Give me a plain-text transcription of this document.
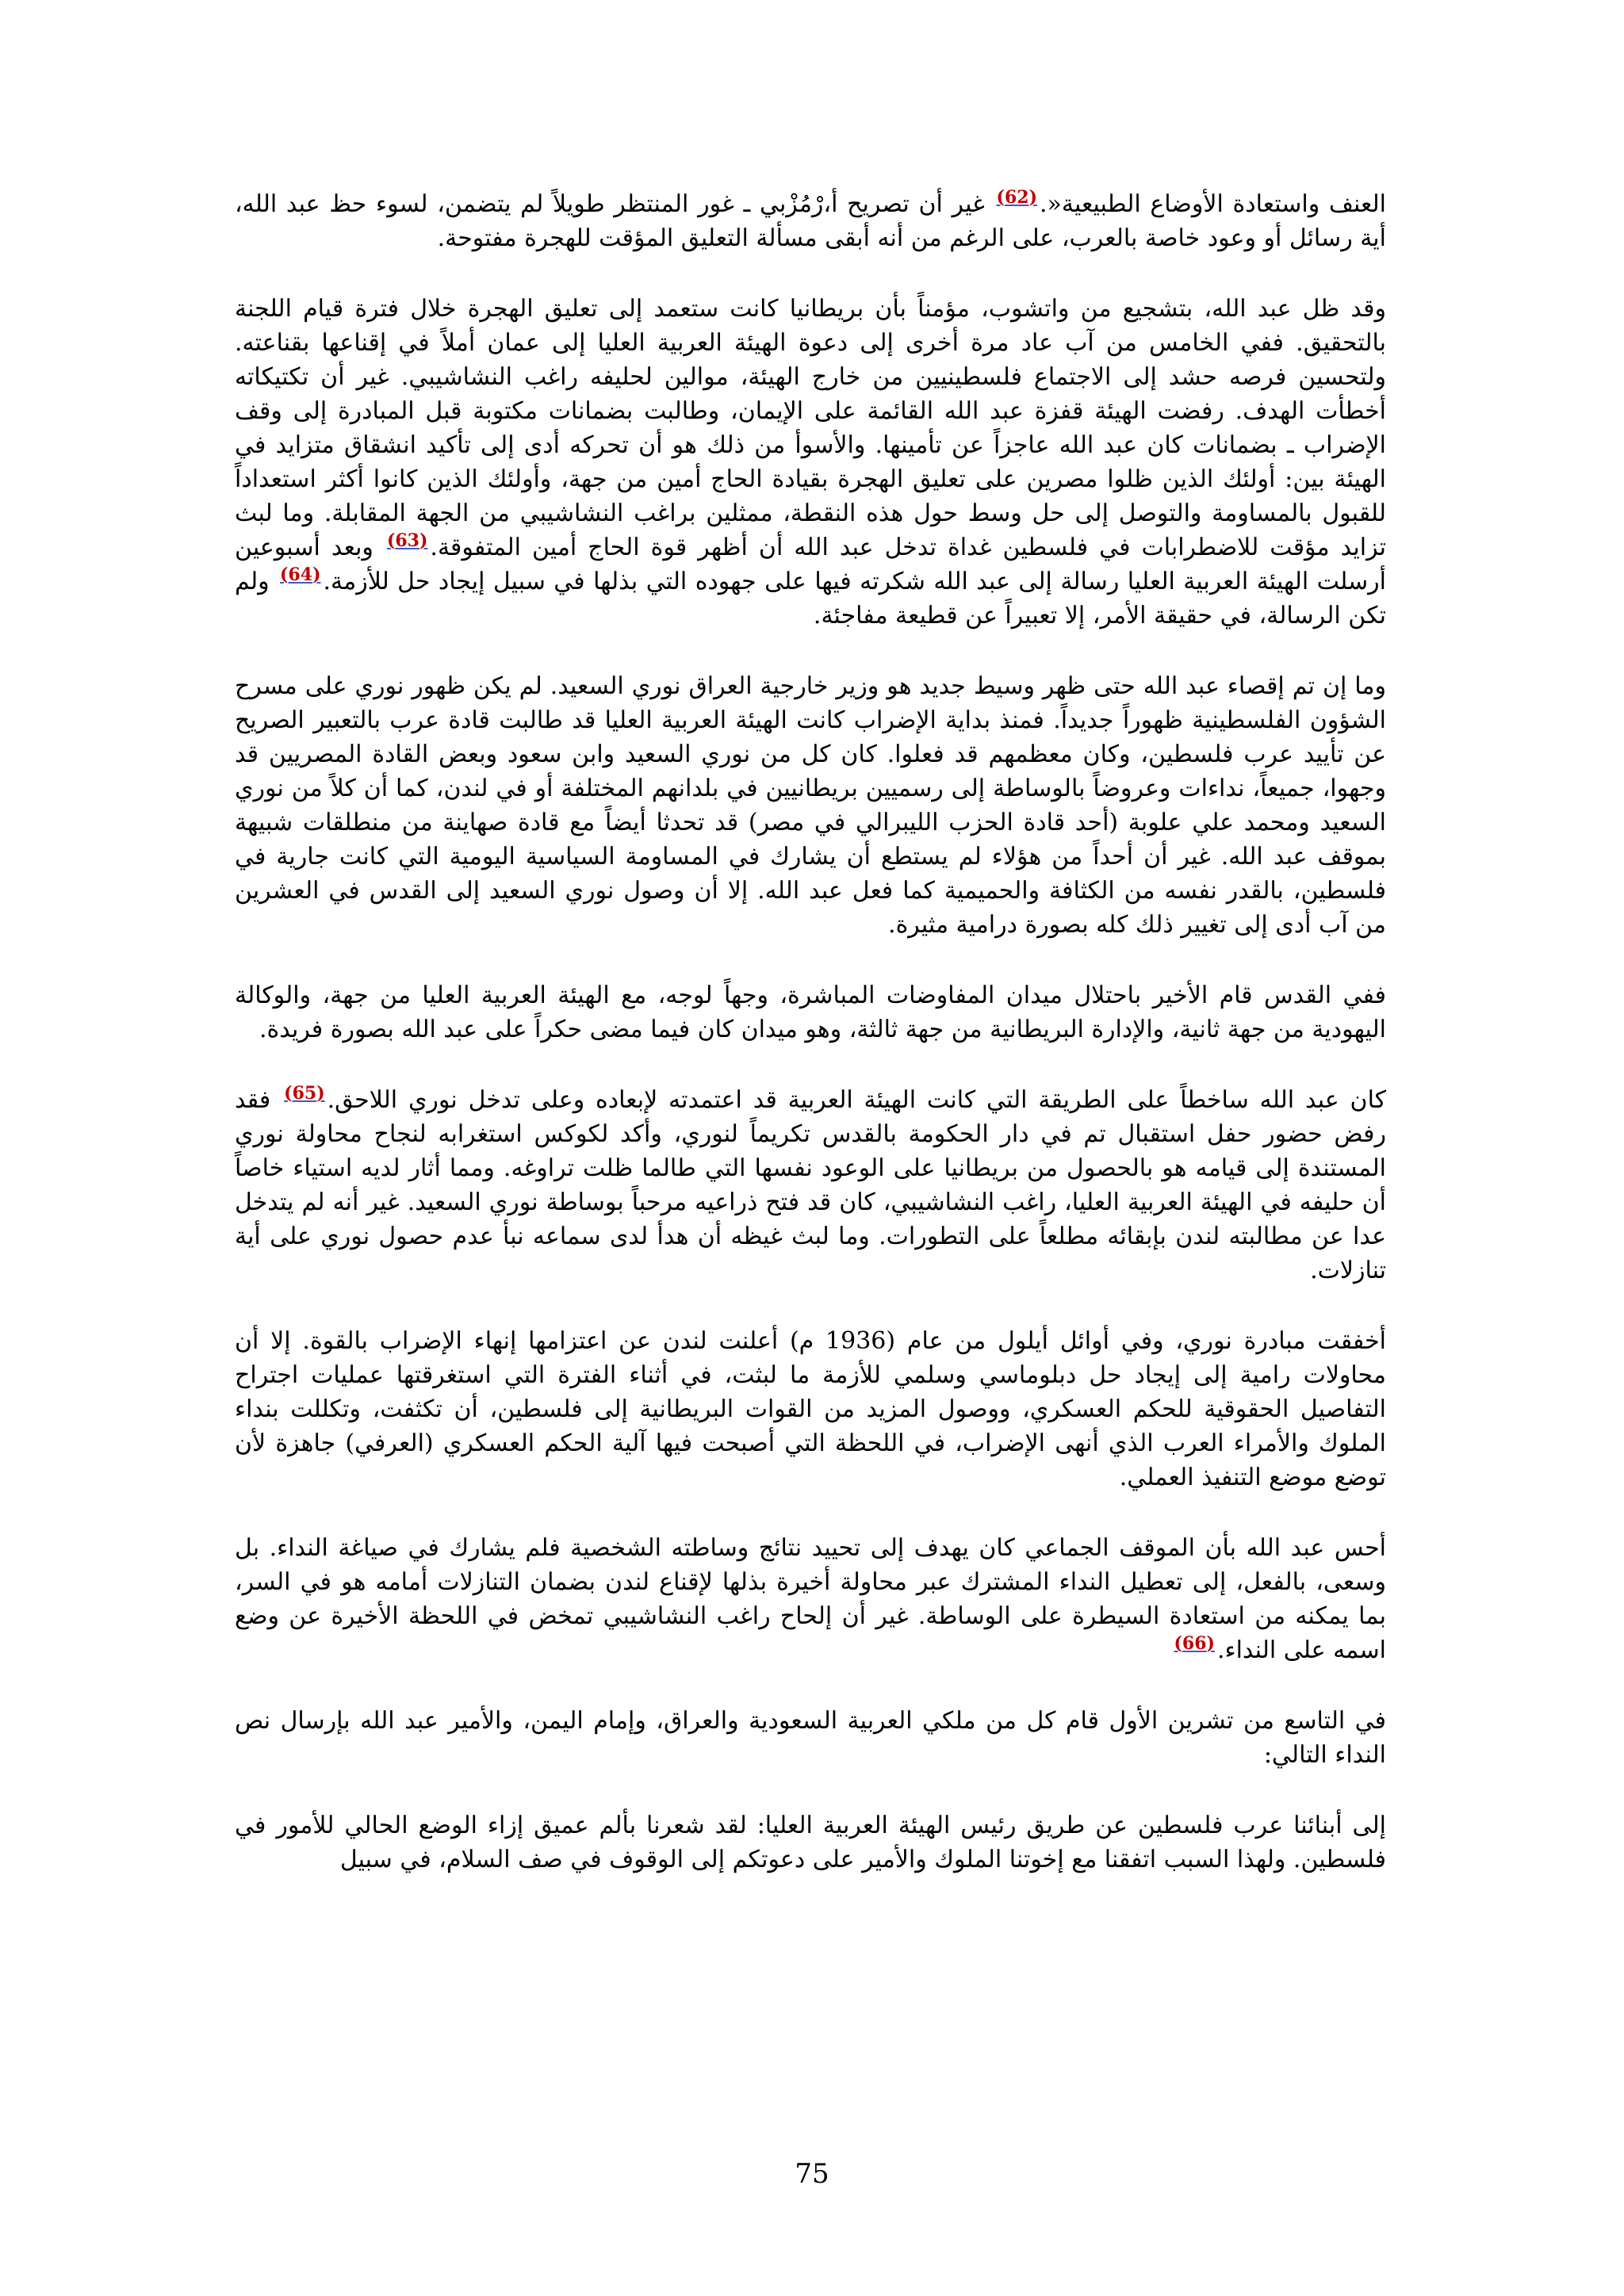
العنف واستعادة الأوضاع الطبيعية«.$^{(62)}$ غير أن تصريح أ،رْمُزْبي ـ غور المنتظر طويلاً لم يتضمن، لسوء حظ عبد الله، أية رسائل أو وعود خاصة بالعرب، على الرغم من أنه أبقى مسألة التعليق المؤقت للهجرة مفتوحة.

وقد ظل عبد الله، بتشجيع من واتشوب، مؤمناً بأن بريطانيا كانت ستعمد إلى تعليق الهجرة خلال فترة قيام اللجنة بالتحقيق. ففي الخامس من آب عاد مرة أخرى إلى دعوة الهيئة العربية العليا إلى عمان أملاً في إقناعها بقناعته. ولتحسين فرصه حشد إلى الاجتماع فلسطينيين من خارج الهيئة، موالين لحليفه راغب النشاشيبي. غير أن تكتيكاته أخطأت الهدف. رفضت الهيئة قفزة عبد الله القائمة على الإيمان، وطالبت بضمانات مكتوبة قبل المبادرة إلى وقف الإضراب ـ بضمانات كان عبد الله عاجزاً عن تأمينها. والأسوأ من ذلك هو أن تحركه أدى إلى تأكيد انشقاق متزايد في الهيئة بين: أولئك الذين ظلوا مصرين على تعليق الهجرة بقيادة الحاج أمين من جهة، وأولئك الذين كانوا أكثر استعداداً للقبول بالمساومة والتوصل إلى حل وسط حول هذه النقطة، ممثلين براغب النشاشيبي من الجهة المقابلة. وما لبث تزايد مؤقت للاضطرابات في فلسطين غداة تدخل عبد الله أن أظهر قوة الحاج أمين المتفوقة.$^{(63)}$ وبعد أسبوعين أرسلت الهيئة العربية العليا رسالة إلى عبد الله شكرته فيها على جهوده التي بذلها في سبيل إيجاد حل للأزمة.$^{(64)}$ ولم تكن الرسالة، في حقيقة الأمر، إلا تعبيراً عن قطيعة مفاجئة.

وما إن تم إقصاء عبد الله حتى ظهر وسيط جديد هو وزير خارجية العراق نوري السعيد. لم يكن ظهور نوري على مسرح الشؤون الفلسطينية ظهوراً جديداً. فمنذ بداية الإضراب كانت الهيئة العربية العليا قد طالبت قادة عرب بالتعبير الصريح عن تأييد عرب فلسطين، وكان معظمهم قد فعلوا. كان كل من نوري السعيد وابن سعود وبعض القادة المصريين قد وجهوا، جميعاً، نداءات وعروضاً بالوساطة إلى رسميين بريطانيين في بلدانهم المختلفة أو في لندن، كما أن كلاً من نوري السعيد ومحمد علي علوبة (أحد قادة الحزب الليبرالي في مصر) قد تحدثا أيضاً مع قادة صهاينة من منطلقات شبيهة بموقف عبد الله. غير أن أحداً من هؤلاء لم يستطع أن يشارك في المساومة السياسية اليومية التي كانت جارية في فلسطين، بالقدر نفسه من الكثافة والحميمية كما فعل عبد الله. إلا أن وصول نوري السعيد إلى القدس في العشرين من آب أدى إلى تغيير ذلك كله بصورة درامية مثيرة.

ففي القدس قام الأخير باحتلال ميدان المفاوضات المباشرة، وجهاً لوجه، مع الهيئة العربية العليا من جهة، والوكالة اليهودية من جهة ثانية، والإدارة البريطانية من جهة ثالثة، وهو ميدان كان فيما مضى حكراً على عبد الله بصورة فريدة.

كان عبد الله ساخطاً على الطريقة التي كانت الهيئة العربية قد اعتمدته لإبعاده وعلى تدخل نوري اللاحق.$^{(65)}$ فقد رفض حضور حفل استقبال تم في دار الحكومة بالقدس تكريماً لنوري، وأكد لكوكس استغرابه لنجاح محاولة نوري المستندة إلى قيامه هو بالحصول من بريطانيا على الوعود نفسها التي طالما ظلت تراوغه. ومما أثار لديه استياء خاصاً أن حليفه في الهيئة العربية العليا، راغب النشاشيبي، كان قد فتح ذراعيه مرحباً بوساطة نوري السعيد. غير أنه لم يتدخل عدا عن مطالبته لندن بإبقائه مطلعاً على التطورات. وما لبث غيظه أن هدأ لدى سماعه نبأ عدم حصول نوري على أية تنازلات.

أخفقت مبادرة نوري، وفي أوائل أيلول من عام (1936 م) أعلنت لندن عن اعتزامها إنهاء الإضراب بالقوة. إلا أن محاولات رامية إلى إيجاد حل دبلوماسي وسلمي للأزمة ما لبثت، في أثناء الفترة التي استغرقتها عمليات اجتراح التفاصيل الحقوقية للحكم العسكري، ووصول المزيد من القوات البريطانية إلى فلسطين، أن تكثفت، وتكللت بنداء الملوك والأمراء العرب الذي أنهى الإضراب، في اللحظة التي أصبحت فيها آلية الحكم العسكري (العرفي) جاهزة لأن توضع موضع التنفيذ العملي.

أحس عبد الله بأن الموقف الجماعي كان يهدف إلى تحييد نتائج وساطته الشخصية فلم يشارك في صياغة النداء. بل وسعى، بالفعل، إلى تعطيل النداء المشترك عبر محاولة أخيرة بذلها لإقناع لندن بضمان التنازلات أمامه هو في السر، بما يمكنه من استعادة السيطرة على الوساطة. غير أن إلحاح راغب النشاشيبي تمخض في اللحظة الأخيرة عن وضع اسمه على النداء.$^{(66)}$

في التاسع من تشرين الأول قام كل من ملكي العربية السعودية والعراق، وإمام اليمن، والأمير عبد الله بإرسال نص النداء التالي:

إلى أبنائنا عرب فلسطين عن طريق رئيس الهيئة العربية العليا: لقد شعرنا بألم عميق إزاء الوضع الحالي للأمور في فلسطين. ولهذا السبب اتفقنا مع إخوتنا الملوك والأمير على دعوتكم إلى الوقوف في صف السلام، في سبيل

75
